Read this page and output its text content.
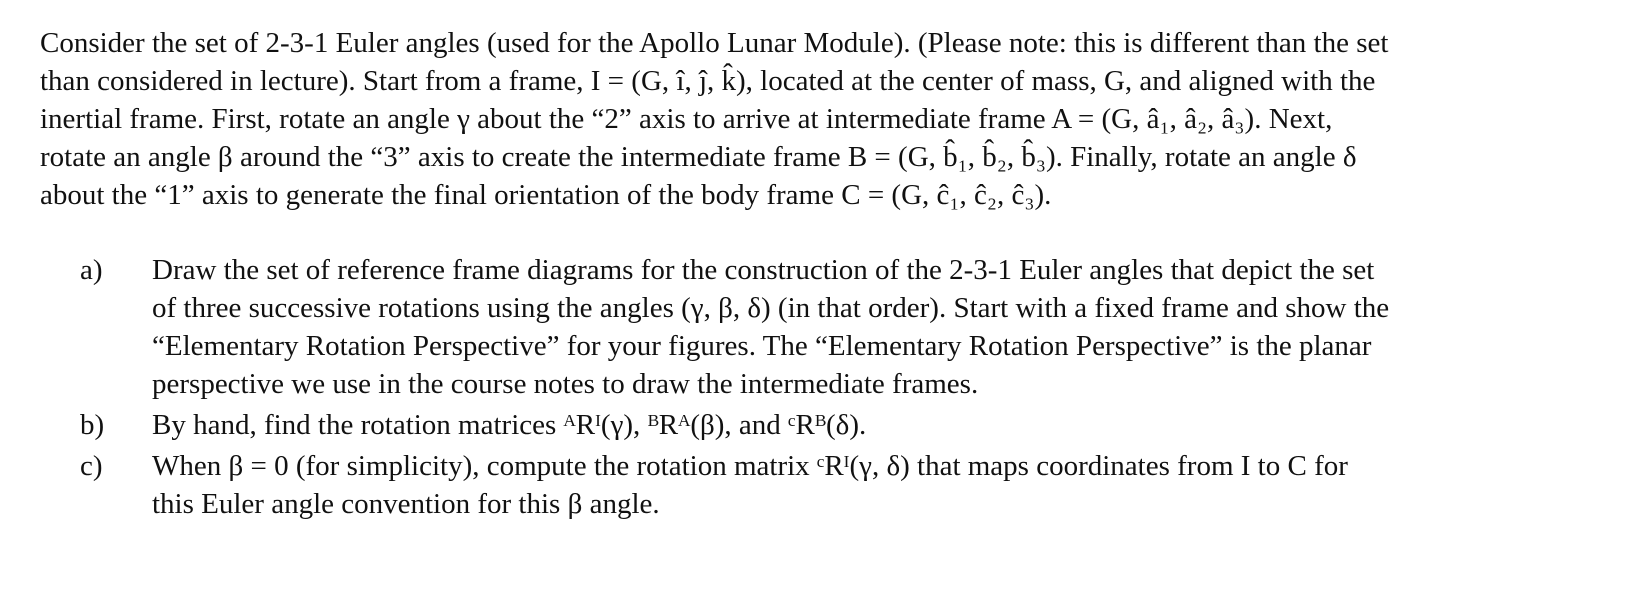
Consider the set of 2-3-1 Euler angles (used for the Apollo Lunar Module). (Please note: this is different than the set
than considered in lecture). Start from a frame, I = (G, î, ĵ, k̂), located at the center of mass, G, and aligned with the
inertial frame. First, rotate an angle γ about the “2” axis to arrive at intermediate frame A = (G, â₁, â₂, â₃). Next,
rotate an angle β around the “3” axis to create the intermediate frame B = (G, b̂₁, b̂₂, b̂₃). Finally, rotate an angle δ
about the “1” axis to generate the final orientation of the body frame C = (G, ĉ₁, ĉ₂, ĉ₃).
a)	Draw the set of reference frame diagrams for the construction of the 2-3-1 Euler angles that depict the set
of three successive rotations using the angles (γ, β, δ) (in that order). Start with a fixed frame and show the
“Elementary Rotation Perspective” for your figures. The “Elementary Rotation Perspective” is the planar
perspective we use in the course notes to draw the intermediate frames.
b)	By hand, find the rotation matrices ᴬRᴵ(γ), ᴮRᴬ(β), and ᶜRᴮ(δ).
c)	When β = 0 (for simplicity), compute the rotation matrix ᶜRᴵ(γ, δ) that maps coordinates from I to C for
this Euler angle convention for this β angle.
